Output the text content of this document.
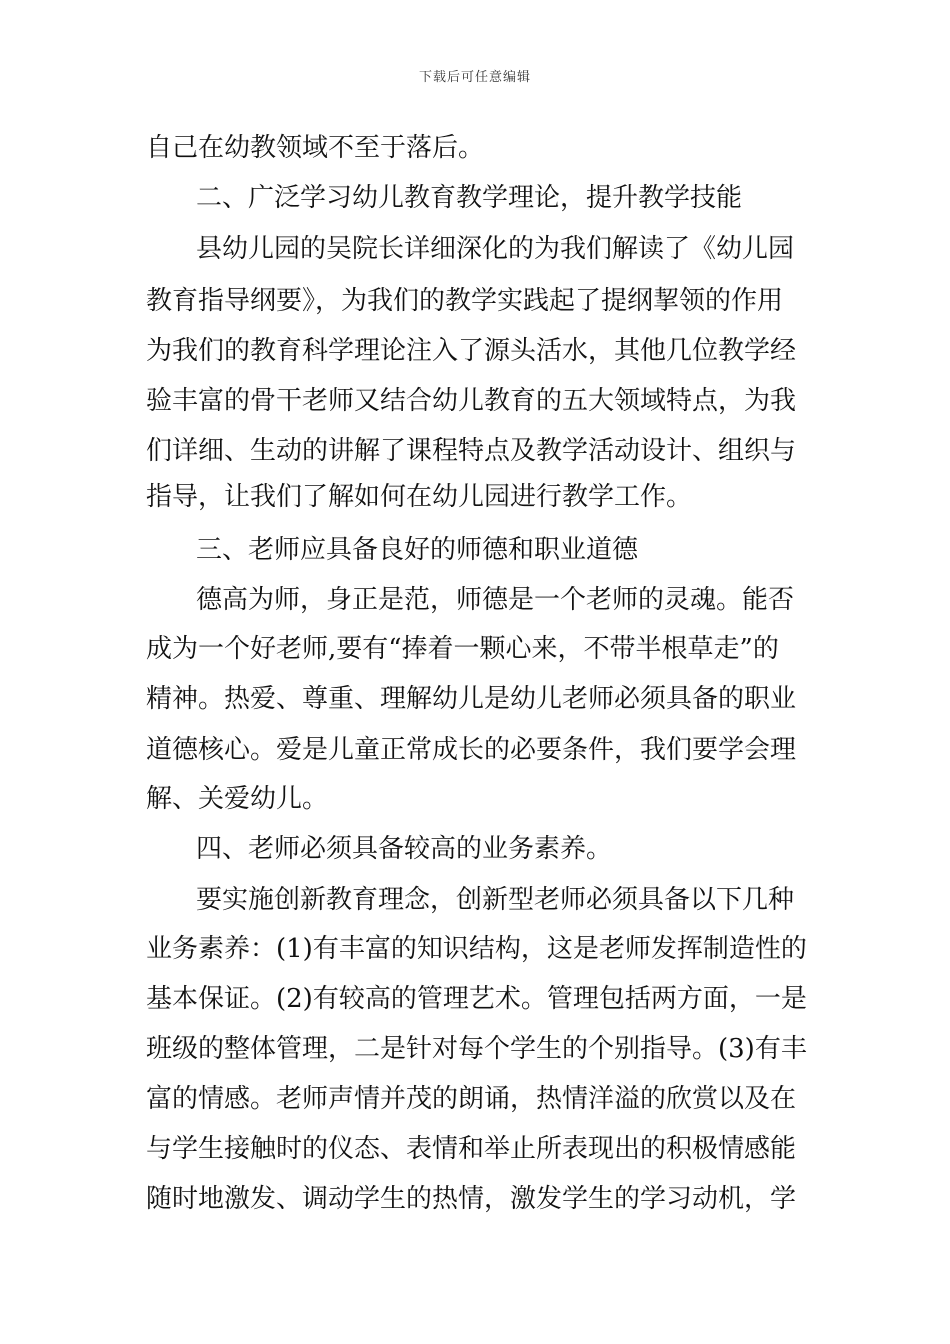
下载后可任意编辑
自己在幼教领域不至于落后。
二、广泛学习幼儿教育教学理论，提升教学技能
县幼儿园的吴院长详细深化的为我们解读了《幼儿园
教育指导纲要》，为我们的教学实践起了提纲挈领的作用
为我们的教育科学理论注入了源头活水，其他几位教学经
验丰富的骨干老师又结合幼儿教育的五大领域特点，为我
们详细、生动的讲解了课程特点及教学活动设计、组织与
指导，让我们了解如何在幼儿园进行教学工作。
三、老师应具备良好的师德和职业道德
德高为师，身正是范，师德是一个老师的灵魂。能否
成为一个好老师,要有“捧着一颗心来，不带半根草走”的
精神。热爱、尊重、理解幼儿是幼儿老师必须具备的职业
道德核心。爱是儿童正常成长的必要条件，我们要学会理
解、关爱幼儿。
四、老师必须具备较高的业务素养。
要实施创新教育理念，创新型老师必须具备以下几种
业务素养：(1)有丰富的知识结构，这是老师发挥制造性的
基本保证。(2)有较高的管理艺术。管理包括两方面，一是
班级的整体管理，二是针对每个学生的个别指导。(3)有丰
富的情感。老师声情并茂的朗诵，热情洋溢的欣赏以及在
与学生接触时的仪态、表情和举止所表现出的积极情感能
随时地激发、调动学生的热情，激发学生的学习动机，学
